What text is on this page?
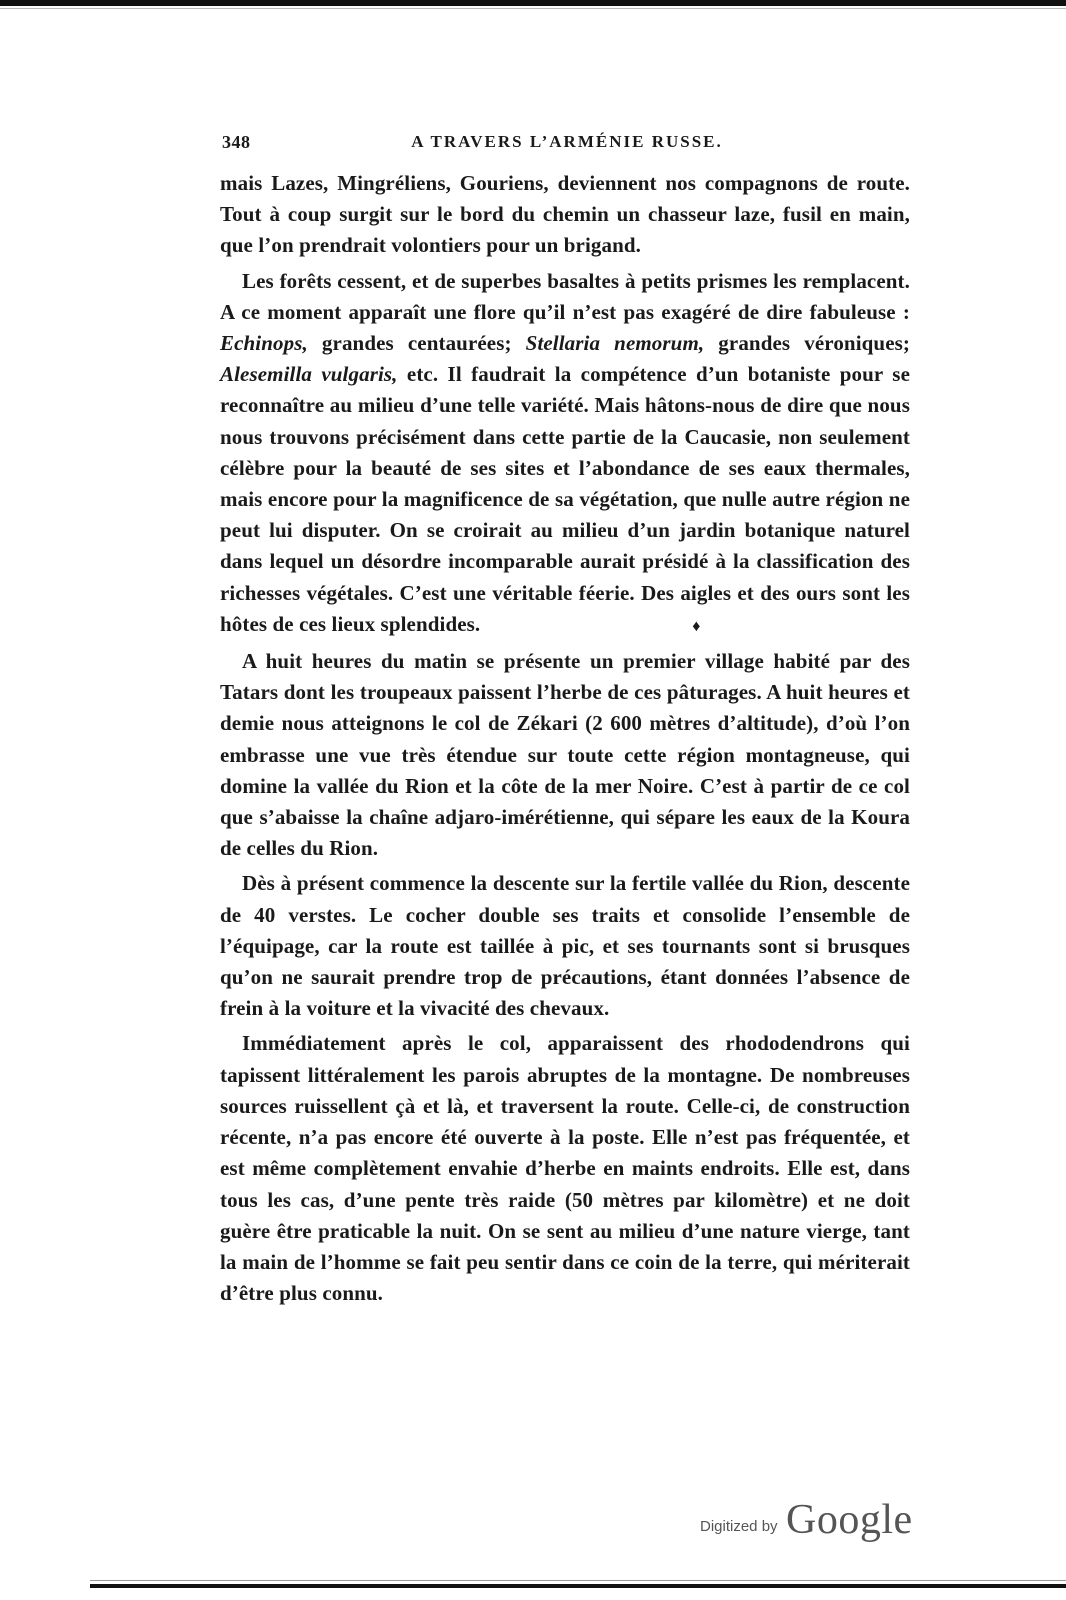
348	A TRAVERS L’ARMÉNIE RUSSE.

mais Lazes, Mingréliens, Gouriens, deviennent nos compagnons de route. Tout à coup surgit sur le bord du chemin un chasseur laze, fusil en main, que l’on prendrait volontiers pour un brigand.

Les forêts cessent, et de superbes basaltes à petits prismes les remplacent. A ce moment apparaît une flore qu’il n’est pas exagéré de dire fabuleuse : Echinops, grandes centaurées; Stellaria nemorum, grandes véroniques; Alesemilla vulgaris, etc. Il faudrait la compétence d’un botaniste pour se reconnaître au milieu d’une telle variété. Mais hâtons-nous de dire que nous nous trouvons précisément dans cette partie de la Caucasie, non seulement célèbre pour la beauté de ses sites et l’abondance de ses eaux thermales, mais encore pour la magnificence de sa végétation, que nulle autre région ne peut lui disputer. On se croirait au milieu d’un jardin botanique naturel dans lequel un désordre incomparable aurait présidé à la classification des richesses végétales. C’est une véritable féerie. Des aigles et des ours sont les hôtes de ces lieux splendides.	♦

A huit heures du matin se présente un premier village habité par des Tatars dont les troupeaux paissent l’herbe de ces pâturages. A huit heures et demie nous atteignons le col de Zékari (2 600 mètres d’altitude), d’où l’on embrasse une vue très étendue sur toute cette région montagneuse, qui domine la vallée du Rion et la côte de la mer Noire. C’est à partir de ce col que s’abaisse la chaîne adjaro-imérétienne, qui sépare les eaux de la Koura de celles du Rion.

Dès à présent commence la descente sur la fertile vallée du Rion, descente de 40 verstes. Le cocher double ses traits et consolide l’ensemble de l’équipage, car la route est taillée à pic, et ses tournants sont si brusques qu’on ne saurait prendre trop de précautions, étant données l’absence de frein à la voiture et la vivacité des chevaux.

Immédiatement après le col, apparaissent des rhododendrons qui tapissent littéralement les parois abruptes de la montagne. De nombreuses sources ruissellent çà et là, et traversent la route. Celle-ci, de construction récente, n’a pas encore été ouverte à la poste. Elle n’est pas fréquentée, et est même complètement envahie d’herbe en maints endroits. Elle est, dans tous les cas, d’une pente très raide (50 mètres par kilomètre) et ne doit guère être praticable la nuit. On se sent au milieu d’une nature vierge, tant la main de l’homme se fait peu sentir dans ce coin de la terre, qui mériterait d’être plus connu.

Digitized by Google
